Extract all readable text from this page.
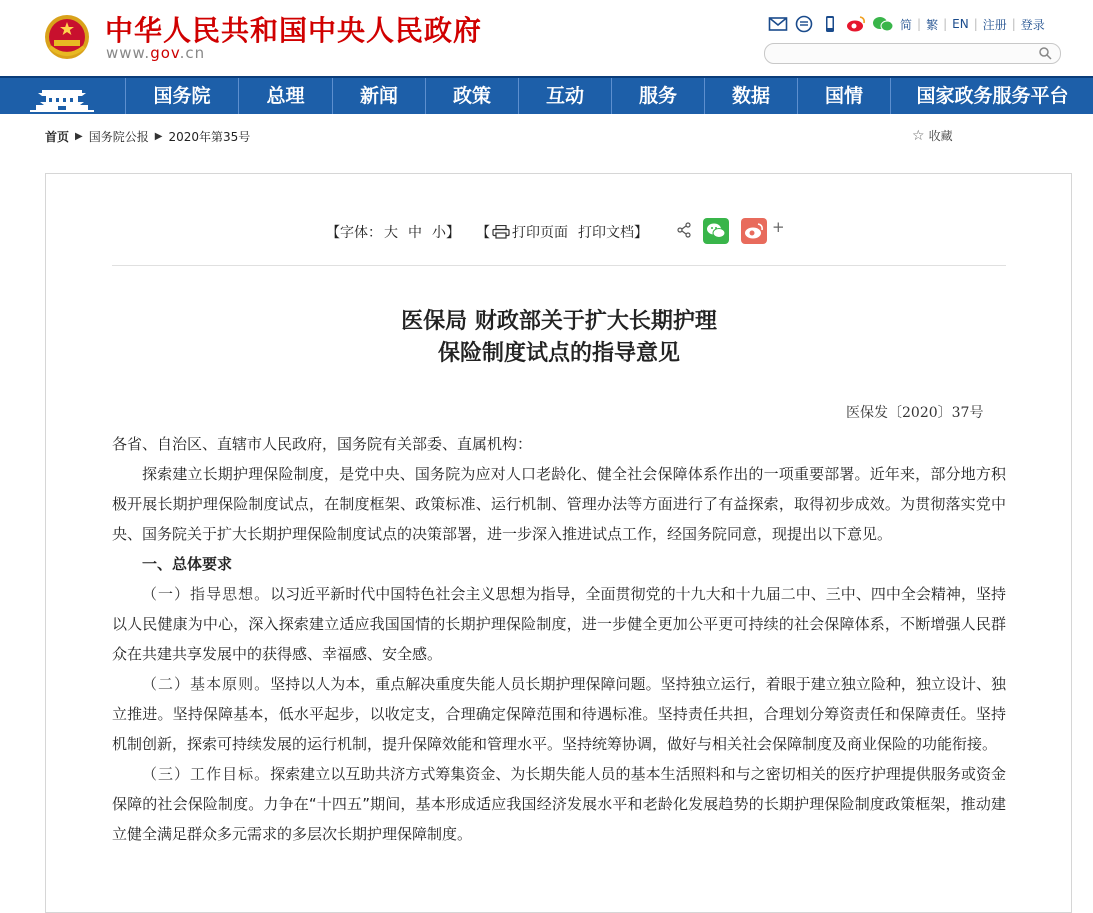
中华人民共和国中央人民政府
www.gov.cn
简 | 繁 | EN | 注册 | 登录
国务院	总理	新闻	政策	互动	服务	数据	国情	国家政务服务平台
首页 ▶ 国务院公报 ▶ 2020年第35号	☆ 收藏
【字体： 大 中 小】 【 打印页面 打印文档】	+
医保局 财政部关于扩大长期护理
保险制度试点的指导意见
医保发〔2020〕37号

各省、自治区、直辖市人民政府，国务院有关部委、直属机构：

探索建立长期护理保险制度，是党中央、国务院为应对人口老龄化、健全社会保障体系作出的一项重要部署。近年来，部分地方积极开展长期护理保险制度试点，在制度框架、政策标准、运行机制、管理办法等方面进行了有益探索，取得初步成效。为贯彻落实党中央、国务院关于扩大长期护理保险制度试点的决策部署，进一步深入推进试点工作，经国务院同意，现提出以下意见。

一、总体要求

（一）指导思想。以习近平新时代中国特色社会主义思想为指导，全面贯彻党的十九大和十九届二中、三中、四中全会精神，坚持以人民健康为中心，深入探索建立适应我国国情的长期护理保险制度，进一步健全更加公平更可持续的社会保障体系，不断增强人民群众在共建共享发展中的获得感、幸福感、安全感。

（二）基本原则。坚持以人为本，重点解决重度失能人员长期护理保障问题。坚持独立运行，着眼于建立独立险种，独立设计、独立推进。坚持保障基本，低水平起步，以收定支，合理确定保障范围和待遇标准。坚持责任共担，合理划分筹资责任和保障责任。坚持机制创新，探索可持续发展的运行机制，提升保障效能和管理水平。坚持统筹协调，做好与相关社会保障制度及商业保险的功能衔接。

（三）工作目标。探索建立以互助共济方式筹集资金、为长期失能人员的基本生活照料和与之密切相关的医疗护理提供服务或资金保障的社会保险制度。力争在“十四五”期间，基本形成适应我国经济发展水平和老龄化发展趋势的长期护理保险制度政策框架，推动建立健全满足群众多元需求的多层次长期护理保障制度。
